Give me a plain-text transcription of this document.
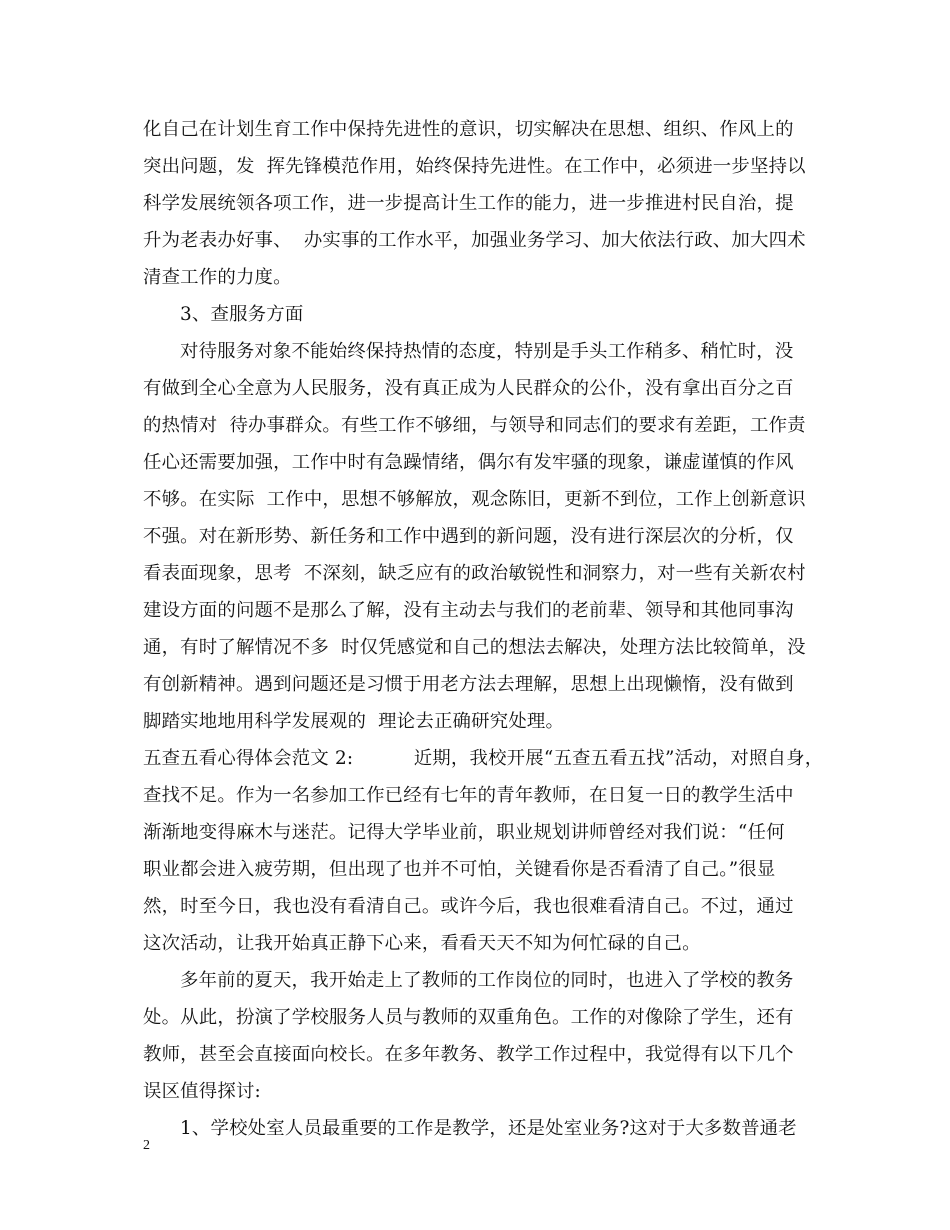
化自己在计划生育工作中保持先进性的意识，切实解决在思想、组织、作风上的
突出问题，发  挥先锋模范作用，始终保持先进性。在工作中，必须进一步坚持以
科学发展统领各项工作，进一步提高计生工作的能力，进一步推进村民自治，提
升为老表办好事、  办实事的工作水平，加强业务学习、加大依法行政、加大四术
清查工作的力度。
3、查服务方面
对待服务对象不能始终保持热情的态度，特别是手头工作稍多、稍忙时，没
有做到全心全意为人民服务，没有真正成为人民群众的公仆，没有拿出百分之百
的热情对  待办事群众。有些工作不够细，与领导和同志们的要求有差距，工作责
任心还需要加强，工作中时有急躁情绪，偶尔有发牢骚的现象，谦虚谨慎的作风
不够。在实际  工作中，思想不够解放，观念陈旧，更新不到位，工作上创新意识
不强。对在新形势、新任务和工作中遇到的新问题，没有进行深层次的分析，仅
看表面现象，思考  不深刻，缺乏应有的政治敏锐性和洞察力，对一些有关新农村
建设方面的问题不是那么了解，没有主动去与我们的老前辈、领导和其他同事沟
通，有时了解情况不多  时仅凭感觉和自己的想法去解决，处理方法比较简单，没
有创新精神。遇到问题还是习惯于用老方法去理解，思想上出现懒惰，没有做到
脚踏实地地用科学发展观的  理论去正确研究处理。
五查五看心得体会范文 2:          近期，我校开展“五查五看五找”活动，对照自身，
查找不足。作为一名参加工作已经有七年的青年教师，在日复一日的教学生活中
渐渐地变得麻木与迷茫。记得大学毕业前，职业规划讲师曾经对我们说：“任何
职业都会进入疲劳期，但出现了也并不可怕，关键看你是否看清了自己。”很显
然，时至今日，我也没有看清自己。或许今后，我也很难看清自己。不过，通过
这次活动，让我开始真正静下心来，看看天天不知为何忙碌的自己。
多年前的夏天，我开始走上了教师的工作岗位的同时，也进入了学校的教务
处。从此，扮演了学校服务人员与教师的双重角色。工作的对像除了学生，还有
教师，甚至会直接面向校长。在多年教务、教学工作过程中，我觉得有以下几个
误区值得探讨:
1、学校处室人员最重要的工作是教学，还是处室业务?这对于大多数普通老
2
